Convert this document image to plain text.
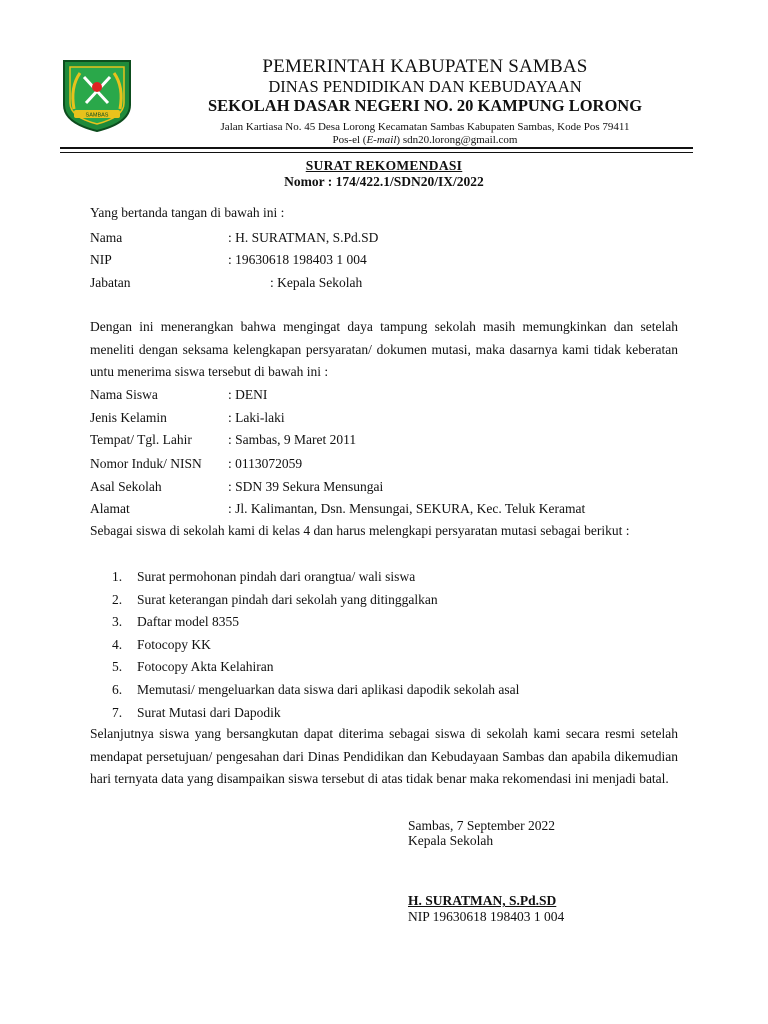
SAMBAS
PEMERINTAH KABUPATEN SAMBAS
DINAS PENDIDIKAN DAN KEBUDAYAAN
SEKOLAH DASAR NEGERI NO. 20 KAMPUNG LORONG
Jalan Kartiasa No. 45 Desa Lorong Kecamatan Sambas Kabupaten Sambas, Kode Pos 79411
Pos-el (E-mail) sdn20.lorong@gmail.com
SURAT REKOMENDASI
Nomor : 174/422.1/SDN20/IX/2022
Yang bertanda tangan di bawah ini :
Nama	: H. SURATMAN, S.Pd.SD
NIP	: 19630618 198403 1 004
Jabatan	: Kepala Sekolah
Dengan ini menerangkan bahwa mengingat daya tampung sekolah masih memungkinkan dan setelah meneliti dengan seksama kelengkapan persyaratan/ dokumen mutasi, maka dasarnya kami tidak keberatan untu menerima siswa tersebut di bawah ini :
Nama Siswa	: DENI
Jenis Kelamin	: Laki-laki
Tempat/ Tgl. Lahir	: Sambas, 9 Maret 2011
Nomor Induk/ NISN : 0113072059
Asal Sekolah	: SDN 39 Sekura Mensungai
Alamat	: Jl. Kalimantan, Dsn. Mensungai, SEKURA, Kec. Teluk Keramat
Sebagai siswa di sekolah kami di kelas 4 dan harus melengkapi persyaratan mutasi sebagai berikut :
1. Surat permohonan pindah dari orangtua/ wali siswa
2. Surat keterangan pindah dari sekolah yang ditinggalkan
3. Daftar model 8355
4. Fotocopy KK
5. Fotocopy Akta Kelahiran
6. Memutasi/ mengeluarkan data siswa dari aplikasi dapodik sekolah asal
7. Surat Mutasi dari Dapodik
Selanjutnya siswa yang bersangkutan dapat diterima sebagai siswa di sekolah kami secara resmi setelah mendapat persetujuan/ pengesahan dari Dinas Pendidikan dan Kebudayaan Sambas dan apabila dikemudian hari ternyata data yang disampaikan siswa tersebut di atas tidak benar maka rekomendasi ini menjadi batal.
Sambas, 7 September 2022
Kepala Sekolah
H. SURATMAN, S.Pd.SD
NIP 19630618 198403 1 004
